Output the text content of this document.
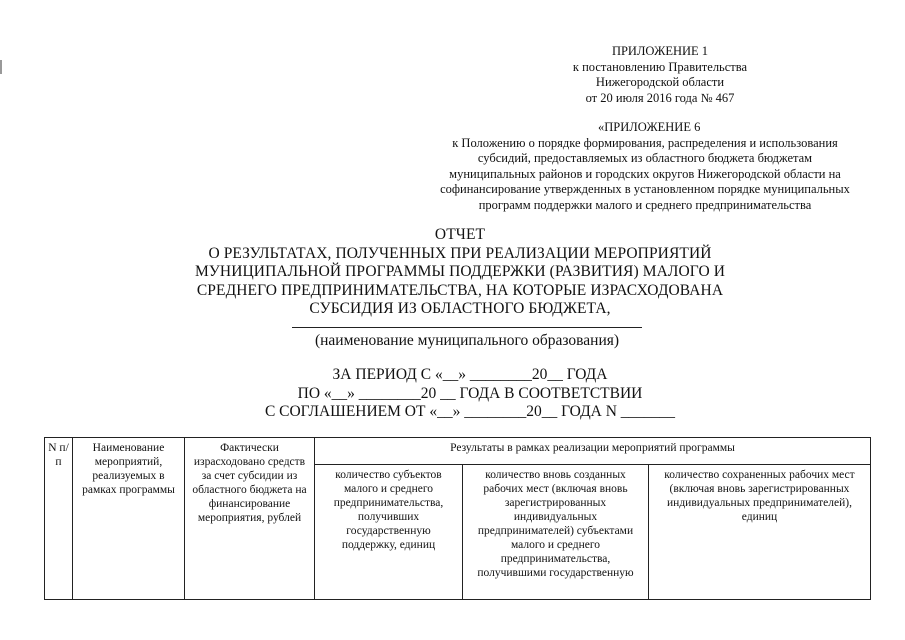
ПРИЛОЖЕНИЕ 1
к постановлению Правительства
Нижегородской области
от 20 июля 2016 года № 467
«ПРИЛОЖЕНИЕ 6
к Положению о порядке формирования, распределения и использования
субсидий, предоставляемых из областного бюджета бюджетам
муниципальных районов и городских округов Нижегородской области на
софинансирование утвержденных в установленном порядке муниципальных
программ поддержки малого и среднего предпринимательства
ОТЧЕТ
О РЕЗУЛЬТАТАХ, ПОЛУЧЕННЫХ ПРИ РЕАЛИЗАЦИИ МЕРОПРИЯТИЙ
МУНИЦИПАЛЬНОЙ ПРОГРАММЫ ПОДДЕРЖКИ (РАЗВИТИЯ) МАЛОГО И
СРЕДНЕГО ПРЕДПРИНИМАТЕЛЬСТВА, НА КОТОРЫЕ ИЗРАСХОДОВАНА
СУБСИДИЯ ИЗ ОБЛАСТНОГО БЮДЖЕТА,
(наименование муниципального образования)
ЗА ПЕРИОД С «__» ________20__ ГОДА
ПО «__» ________20 __ ГОДА В СООТВЕТСТВИИ
С СОГЛАШЕНИЕМ ОТ «__» ________20__ ГОДА N _______
N п/п	Наименование мероприятий, реализуемых в рамках программы	Фактически израсходовано средств за счет субсидии из областного бюджета на финансирование мероприятия, рублей	Результаты в рамках реализации мероприятий программы		
			количество субъектов малого и среднего предпринимательства, получивших государственную поддержку, единиц	количество вновь созданных рабочих мест (включая вновь зарегистрированных индивидуальных предпринимателей) субъектами малого и среднего предпринимательства, получившими государственную	количество сохраненных рабочих мест (включая вновь зарегистрированных индивидуальных предпринимателей), единиц
